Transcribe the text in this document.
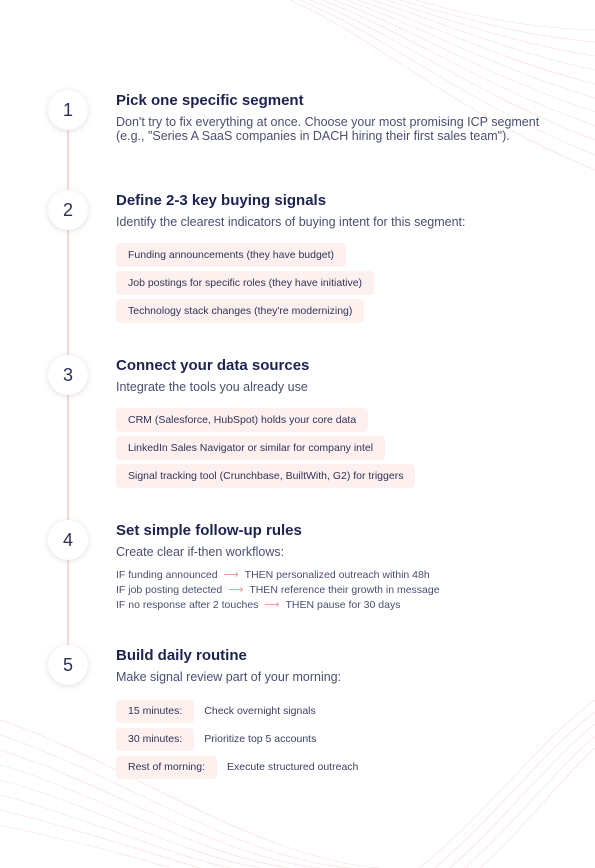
1	Pick one specific segment
Don't try to fix everything at once. Choose your most promising ICP segment (e.g., "Series A SaaS companies in DACH hiring their first sales team").
2	Define 2-3 key buying signals
Identify the clearest indicators of buying intent for this segment:
Funding announcements (they have budget)
Job postings for specific roles (they have initiative)
Technology stack changes (they're modernizing)
3	Connect your data sources
Integrate the tools you already use
CRM (Salesforce, HubSpot) holds your core data
LinkedIn Sales Navigator or similar for company intel
Signal tracking tool (Crunchbase, BuiltWith, G2) for triggers
4	Set simple follow-up rules
Create clear if-then workflows:
IF funding announced ⟶ THEN personalized outreach within 48h
IF job posting detected ⟶ THEN reference their growth in message
IF no response after 2 touches ⟶ THEN pause for 30 days
5	Build daily routine
Make signal review part of your morning:
15 minutes:	Check overnight signals
30 minutes:	Prioritize top 5 accounts
Rest of morning:	Execute structured outreach
